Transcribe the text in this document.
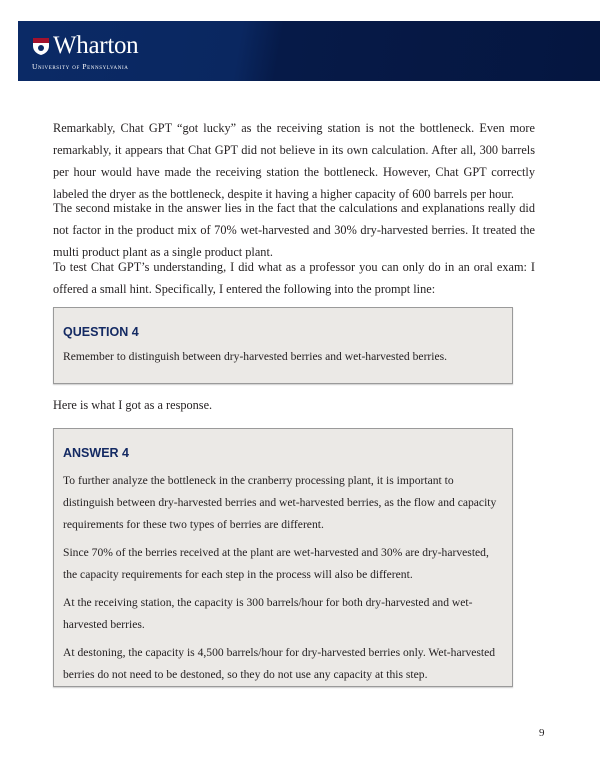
Wharton
University of Pennsylvania

Remarkably, Chat GPT “got lucky” as the receiving station is not the bottleneck. Even more remarkably, it appears that Chat GPT did not believe in its own calculation. After all, 300 barrels per hour would have made the receiving station the bottleneck. However, Chat GPT correctly labeled the dryer as the bottleneck, despite it having a higher capacity of 600 barrels per hour.

The second mistake in the answer lies in the fact that the calculations and explanations really did not factor in the product mix of 70% wet-harvested and 30% dry-harvested berries. It treated the multi product plant as a single product plant.

To test Chat GPT’s understanding, I did what as a professor you can only do in an oral exam: I offered a small hint. Specifically, I entered the following into the prompt line:

QUESTION 4

Remember to distinguish between dry-harvested berries and wet-harvested berries.

Here is what I got as a response.

ANSWER 4

To further analyze the bottleneck in the cranberry processing plant, it is important to distinguish between dry-harvested berries and wet-harvested berries, as the flow and capacity requirements for these two types of berries are different.

Since 70% of the berries received at the plant are wet-harvested and 30% are dry-harvested, the capacity requirements for each step in the process will also be different.

At the receiving station, the capacity is 300 barrels/hour for both dry-harvested and wet-harvested berries.

At destoning, the capacity is 4,500 barrels/hour for dry-harvested berries only. Wet-harvested berries do not need to be destoned, so they do not use any capacity at this step.

9
